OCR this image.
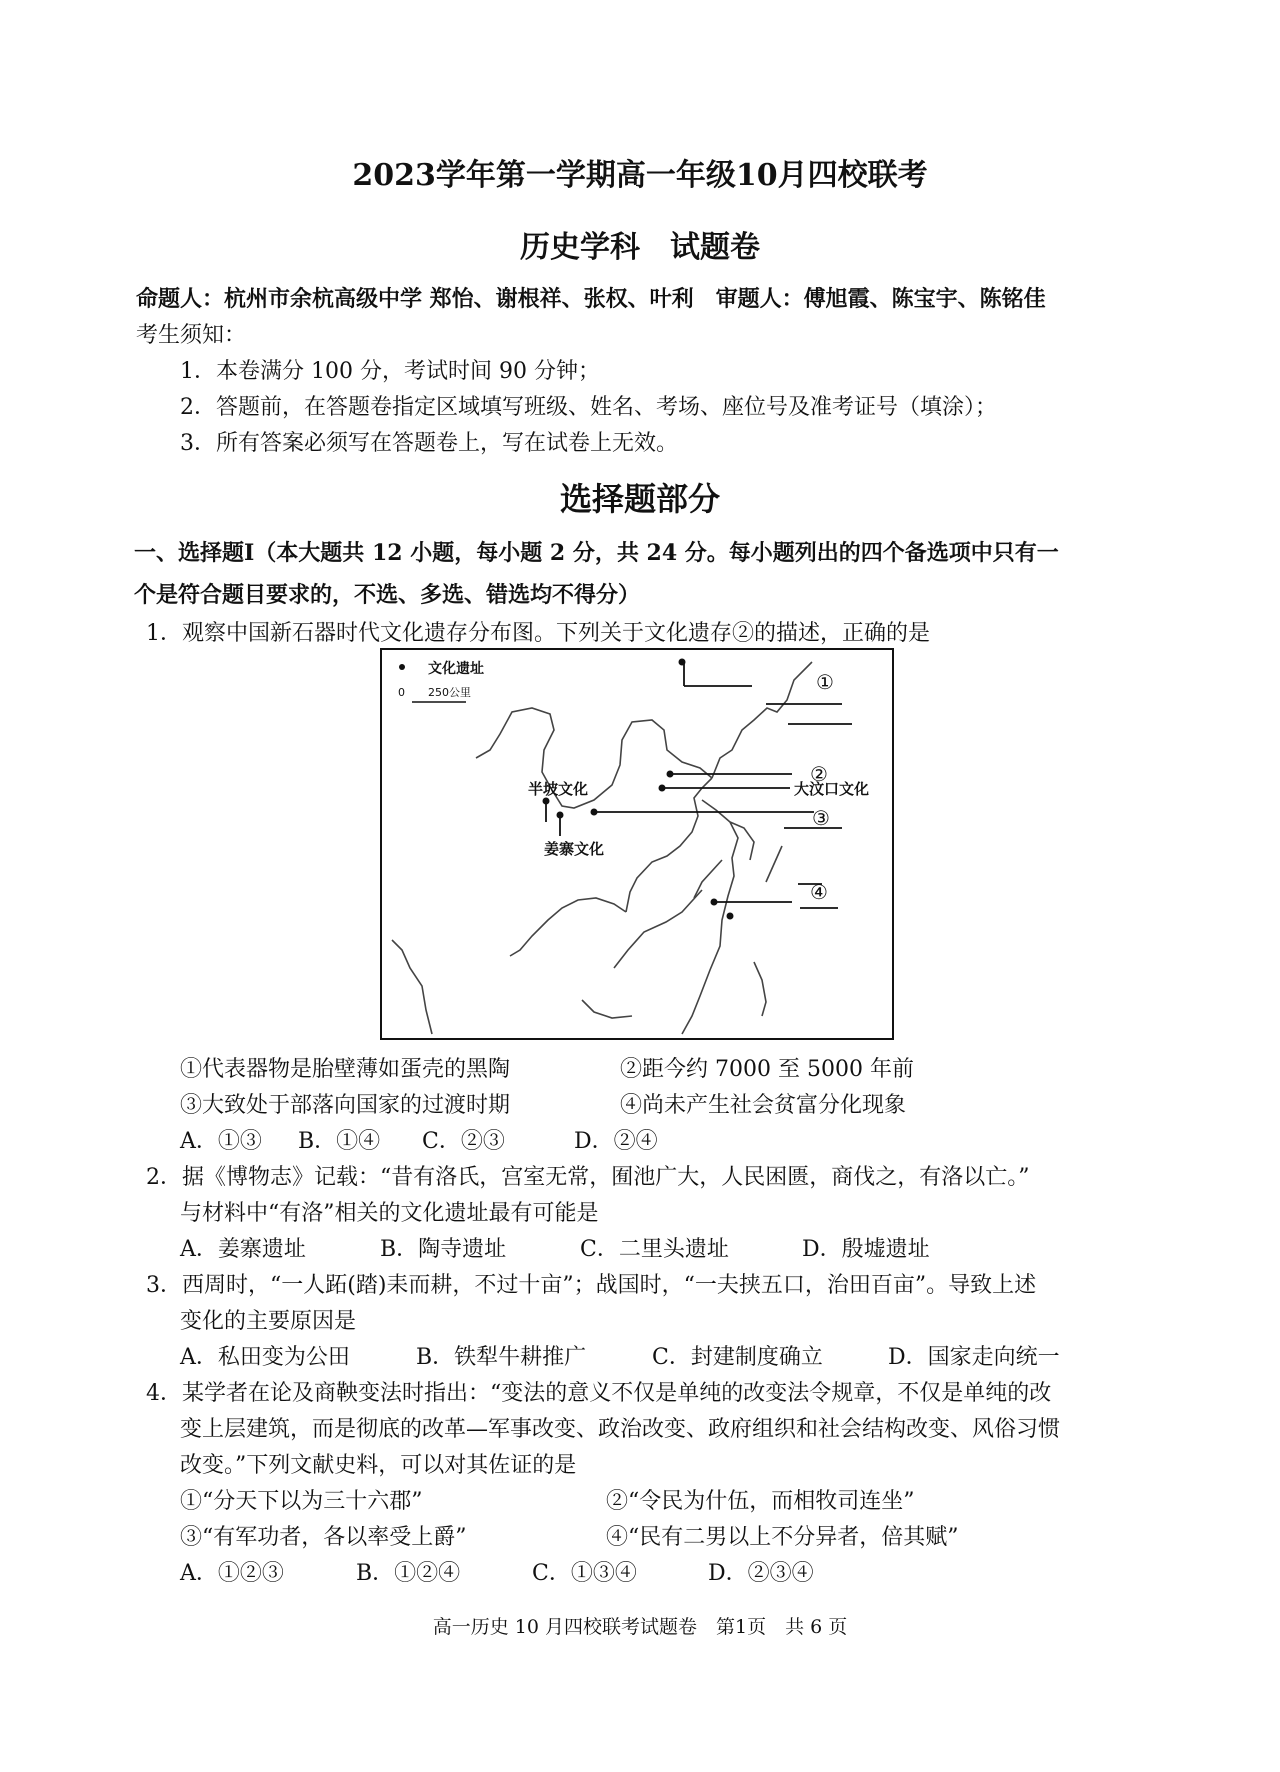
2023学年第一学期高一年级10月四校联考
历史学科　试题卷
命题人：杭州市余杭高级中学 郑怡、谢根祥、张权、叶利　审题人：傅旭霞、陈宝宇、陈铭佳
考生须知：
1．本卷满分 100 分，考试时间 90 分钟；
2．答题前，在答题卷指定区域填写班级、姓名、考场、座位号及准考证号（填涂）；
3．所有答案必须写在答题卷上，写在试卷上无效。
选择题部分
一、选择题Ⅰ（本大题共 12 小题，每小题 2 分，共 24 分。每小题列出的四个备选项中只有一
个是符合题目要求的，不选、多选、错选均不得分）
1．观察中国新石器时代文化遗存分布图。下列关于文化遗存②的描述，正确的是
文化遗址
0 250公里	①
②
③
④
大汶口文化
半坡文化
姜寨文化
①代表器物是胎壁薄如蛋壳的黑陶	②距今约 7000 至 5000 年前
③大致处于部落向国家的过渡时期	④尚未产生社会贫富分化现象
A．①③ B．①④ C．②③	D．②④
2．据《博物志》记载：“昔有洛氏，宫室无常，囿池广大，人民困匮，商伐之，有洛以亡。”
与材料中“有洛”相关的文化遗址最有可能是
A．姜寨遗址	B．陶寺遗址	C．二里头遗址	D．殷墟遗址
3．西周时，“一人跖(踏)耒而耕，不过十亩”；战国时，“一夫挟五口，治田百亩”。导致上述
变化的主要原因是
A．私田变为公田	B．铁犁牛耕推广	C．封建制度确立	D．国家走向统一
4．某学者在论及商鞅变法时指出：“变法的意义不仅是单纯的改变法令规章，不仅是单纯的改
变上层建筑，而是彻底的改革—军事改变、政治改变、政府组织和社会结构改变、风俗习惯
改变。”下列文献史料，可以对其佐证的是
①“分天下以为三十六郡”	②“令民为什伍，而相牧司连坐”
③“有军功者，各以率受上爵”	④“民有二男以上不分异者，倍其赋”
A．①②③	B．①②④	C．①③④	D．②③④
高一历史 10 月四校联考试题卷　第1页　共 6 页
